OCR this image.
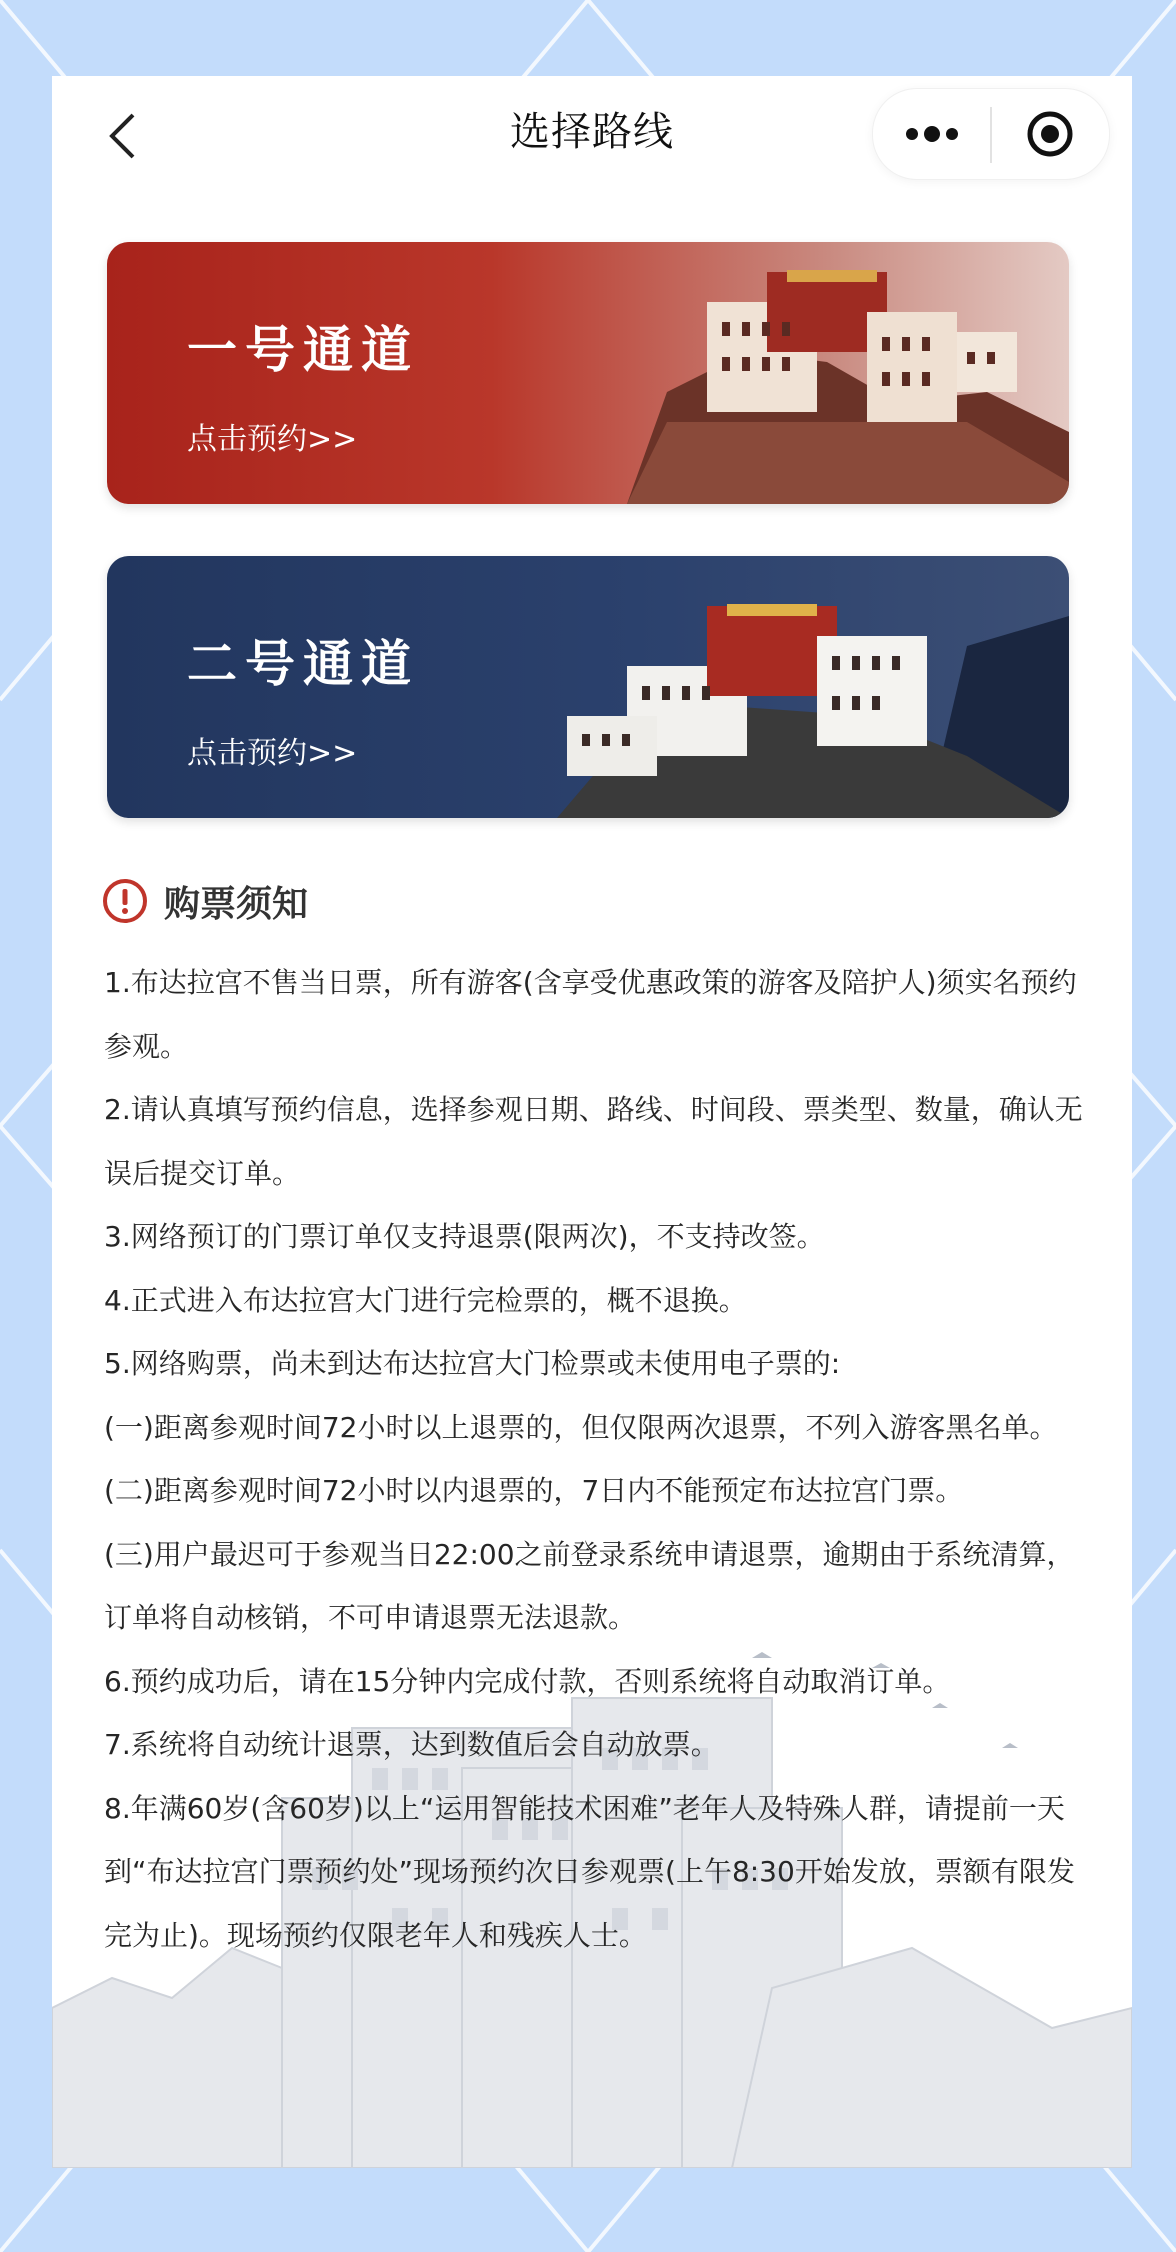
选择路线
一号通道
点击预约>>
二号通道
点击预约>>
购票须知
1.布达拉宫不售当日票，所有游客(含享受优惠政策的游客及陪护人)须实名预约参观。
2.请认真填写预约信息，选择参观日期、路线、时间段、票类型、数量，确认无误后提交订单。
3.网络预订的门票订单仅支持退票(限两次)，不支持改签。
4.正式进入布达拉宫大门进行完检票的，概不退换。
5.网络购票，尚未到达布达拉宫大门检票或未使用电子票的:
(一)距离参观时间72小时以上退票的，但仅限两次退票，不列入游客黑名单。
(二)距离参观时间72小时以内退票的，7日内不能预定布达拉宫门票。
(三)用户最迟可于参观当日22:00之前登录系统申请退票，逾期由于系统清算，订单将自动核销，不可申请退票无法退款。
6.预约成功后，请在15分钟内完成付款，否则系统将自动取消订单。
7.系统将自动统计退票，达到数值后会自动放票。
8.年满60岁(含60岁)以上“运用智能技术困难”老年人及特殊人群，请提前一天到“布达拉宫门票预约处”现场预约次日参观票(上午8:30开始发放，票额有限发完为止)。现场预约仅限老年人和残疾人士。
